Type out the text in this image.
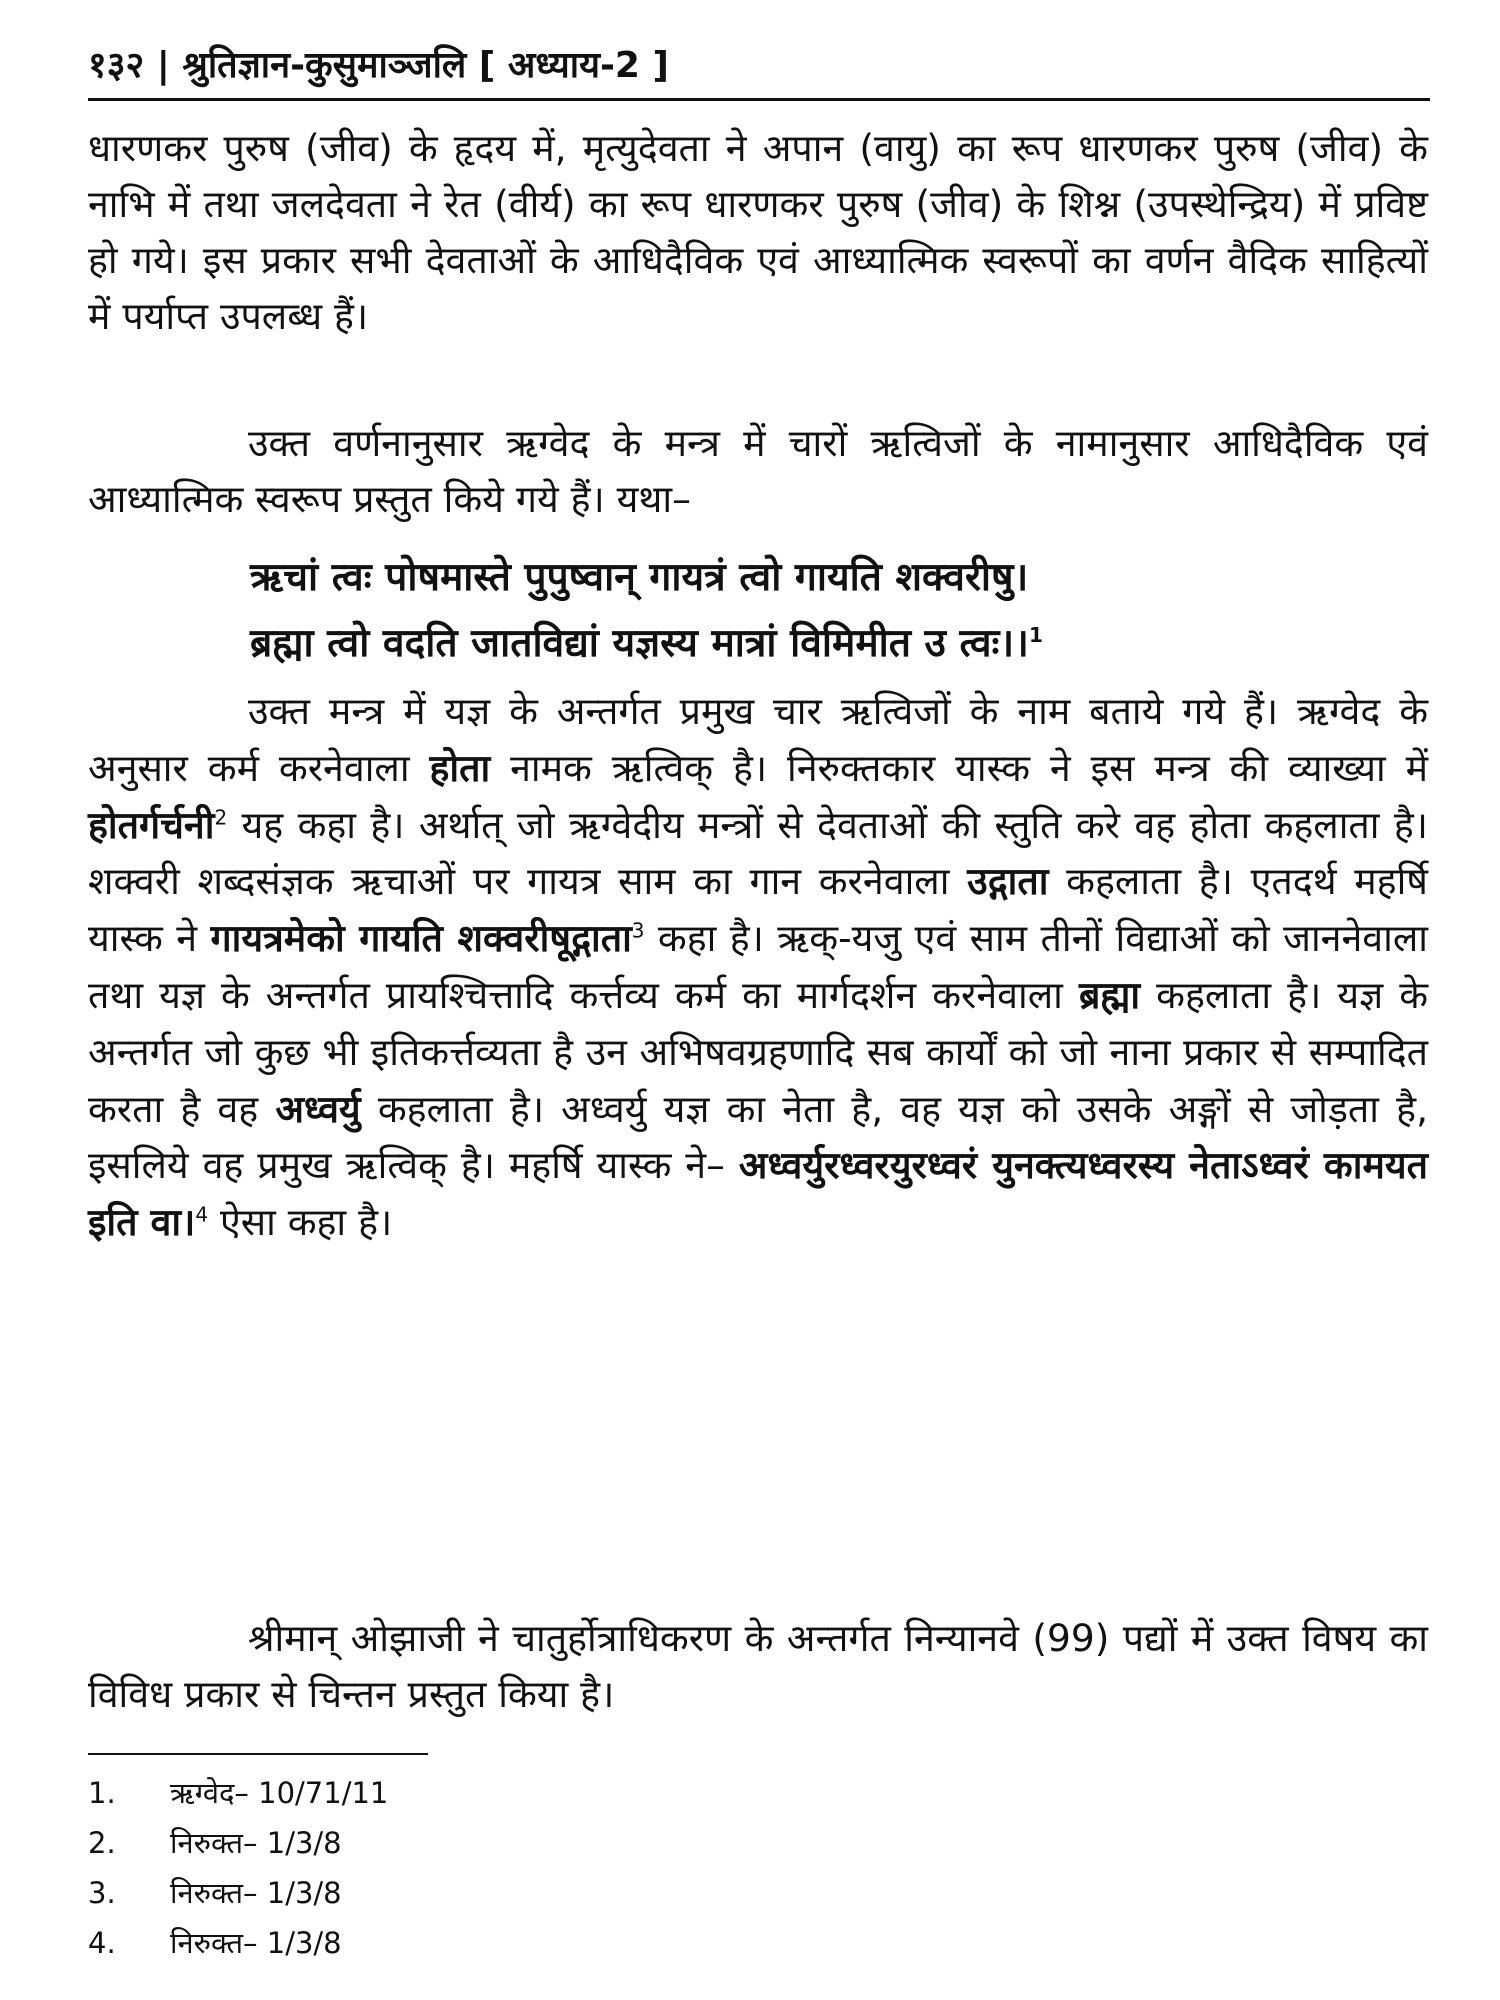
१३२ | श्रुतिज्ञान-कुसुमाञ्जलि [ अध्याय-2 ]

धारणकर पुरुष (जीव) के हृदय में, मृत्युदेवता ने अपान (वायु) का रूप धारणकर पुरुष (जीव) के नाभि में तथा जलदेवता ने रेत (वीर्य) का रूप धारणकर पुरुष (जीव) के शिश्न (उपस्थेन्द्रिय) में प्रविष्ट हो गये। इस प्रकार सभी देवताओं के आधिदैविक एवं आध्यात्मिक स्वरूपों का वर्णन वैदिक साहित्यों में पर्याप्त उपलब्ध हैं।

उक्त वर्णनानुसार ऋग्वेद के मन्त्र में चारों ऋत्विजों के नामानुसार आधिदैविक एवं आध्यात्मिक स्वरूप प्रस्तुत किये गये हैं। यथा–

ऋचां त्वः पोषमास्ते पुपुष्वान् गायत्रं त्वो गायति शक्वरीषु।

ब्रह्मा त्वो वदति जातविद्यां यज्ञस्य मात्रां विमिमीत उ त्वः।।$^1$

उक्त मन्त्र में यज्ञ के अन्तर्गत प्रमुख चार ऋत्विजों के नाम बताये गये हैं। ऋग्वेद के अनुसार कर्म करनेवाला होता नामक ऋत्विक् है। निरुक्तकार यास्क ने इस मन्त्र की व्याख्या में होतर्गर्चनी$^2$ यह कहा है। अर्थात् जो ऋग्वेदीय मन्त्रों से देवताओं की स्तुति करे वह होता कहलाता है। शक्वरी शब्दसंज्ञक ऋचाओं पर गायत्र साम का गान करनेवाला उद्गाता कहलाता है। एतदर्थ महर्षि यास्क ने गायत्रमेको गायति शक्वरीषूद्गाता$^3$ कहा है। ऋक्-यजु एवं साम तीनों विद्याओं को जाननेवाला तथा यज्ञ के अन्तर्गत प्रायश्चित्तादि कर्त्तव्य कर्म का मार्गदर्शन करनेवाला ब्रह्मा कहलाता है। यज्ञ के अन्तर्गत जो कुछ भी इतिकर्त्तव्यता है उन अभिषवग्रहणादि सब कार्यों को जो नाना प्रकार से सम्पादित करता है वह अध्वर्यु कहलाता है। अध्वर्यु यज्ञ का नेता है, वह यज्ञ को उसके अङ्गों से जोड़ता है, इसलिये वह प्रमुख ऋत्विक् है। महर्षि यास्क ने– अध्वर्युरध्वरयुरध्वरं युनक्त्यध्वरस्य नेताऽध्वरं कामयत इति वा।$^4$ ऐसा कहा है।

श्रीमान् ओझाजी ने चातुर्होत्राधिकरण के अन्तर्गत निन्यानवे (99) पद्यों में उक्त विषय का विविध प्रकार से चिन्तन प्रस्तुत किया है।

1. ऋग्वेद– 10/71/11
2. निरुक्त– 1/3/8
3. निरुक्त– 1/3/8
4. निरुक्त– 1/3/8
